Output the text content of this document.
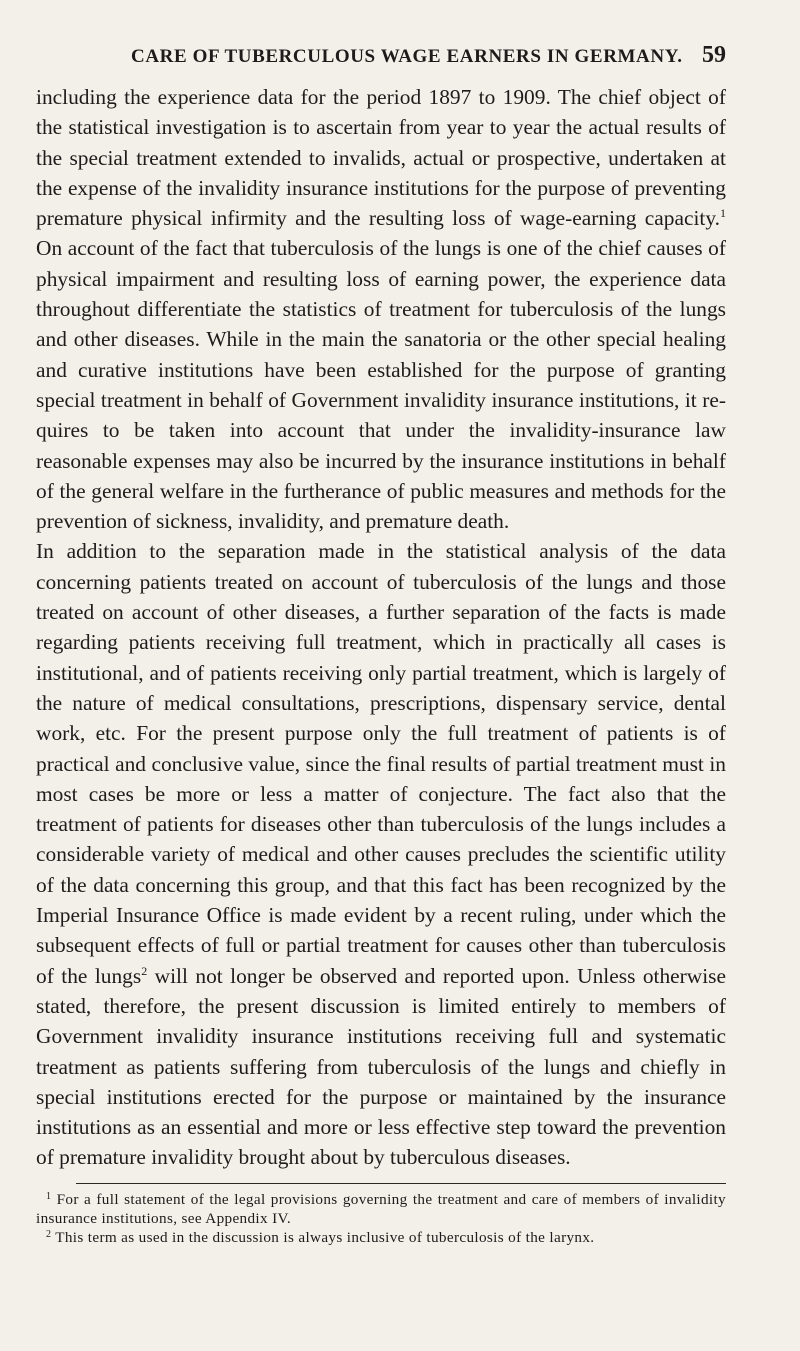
CARE OF TUBERCULOUS WAGE EARNERS IN GERMANY. 59

including the experience data for the period 1897 to 1909. The chief object of the statistical investigation is to ascertain from year to year the actual results of the special treatment extended to invalids, actual or prospective, undertaken at the expense of the invalidity insurance institutions for the purpose of preventing premature physical infirmity and the resulting loss of wage-earning capacity.$^1$ On account of the fact that tuberculosis of the lungs is one of the chief causes of physical impairment and resulting loss of earning power, the experience data throughout differentiate the statistics of treatment for tuberculosis of the lungs and other diseases. While in the main the sanatoria or the other special healing and curative institutions have been established for the purpose of granting special treatment in behalf of Government invalidity insurance institutions, it requires to be taken into account that under the invalidity-insurance law reasonable expenses may also be incurred by the insurance institutions in behalf of the general welfare in the furtherance of public measures and methods for the prevention of sickness, invalidity, and premature death.

In addition to the separation made in the statistical analysis of the data concerning patients treated on account of tuberculosis of the lungs and those treated on account of other diseases, a further separation of the facts is made regarding patients receiving full treatment, which in practically all cases is institutional, and of patients receiving only partial treatment, which is largely of the nature of medical consultations, prescriptions, dispensary service, dental work, etc. For the present purpose only the full treatment of patients is of practical and conclusive value, since the final results of partial treatment must in most cases be more or less a matter of conjecture. The fact also that the treatment of patients for diseases other than tuberculosis of the lungs includes a considerable variety of medical and other causes precludes the scientific utility of the data concerning this group, and that this fact has been recognized by the Imperial Insurance Office is made evident by a recent ruling, under which the subsequent effects of full or partial treatment for causes other than tuberculosis of the lungs$^2$ will not longer be observed and reported upon. Unless otherwise stated, therefore, the present discussion is limited entirely to members of Government invalidity insurance institutions receiving full and systematic treatment as patients suffering from tuberculosis of the lungs and chiefly in special institutions erected for the purpose or maintained by the insurance institutions as an essential and more or less effective step toward the prevention of premature invalidity brought about by tuberculous diseases.

$^1$ For a full statement of the legal provisions governing the treatment and care of members of invalidity insurance institutions, see Appendix IV.

$^2$ This term as used in the discussion is always inclusive of tuberculosis of the larynx.
